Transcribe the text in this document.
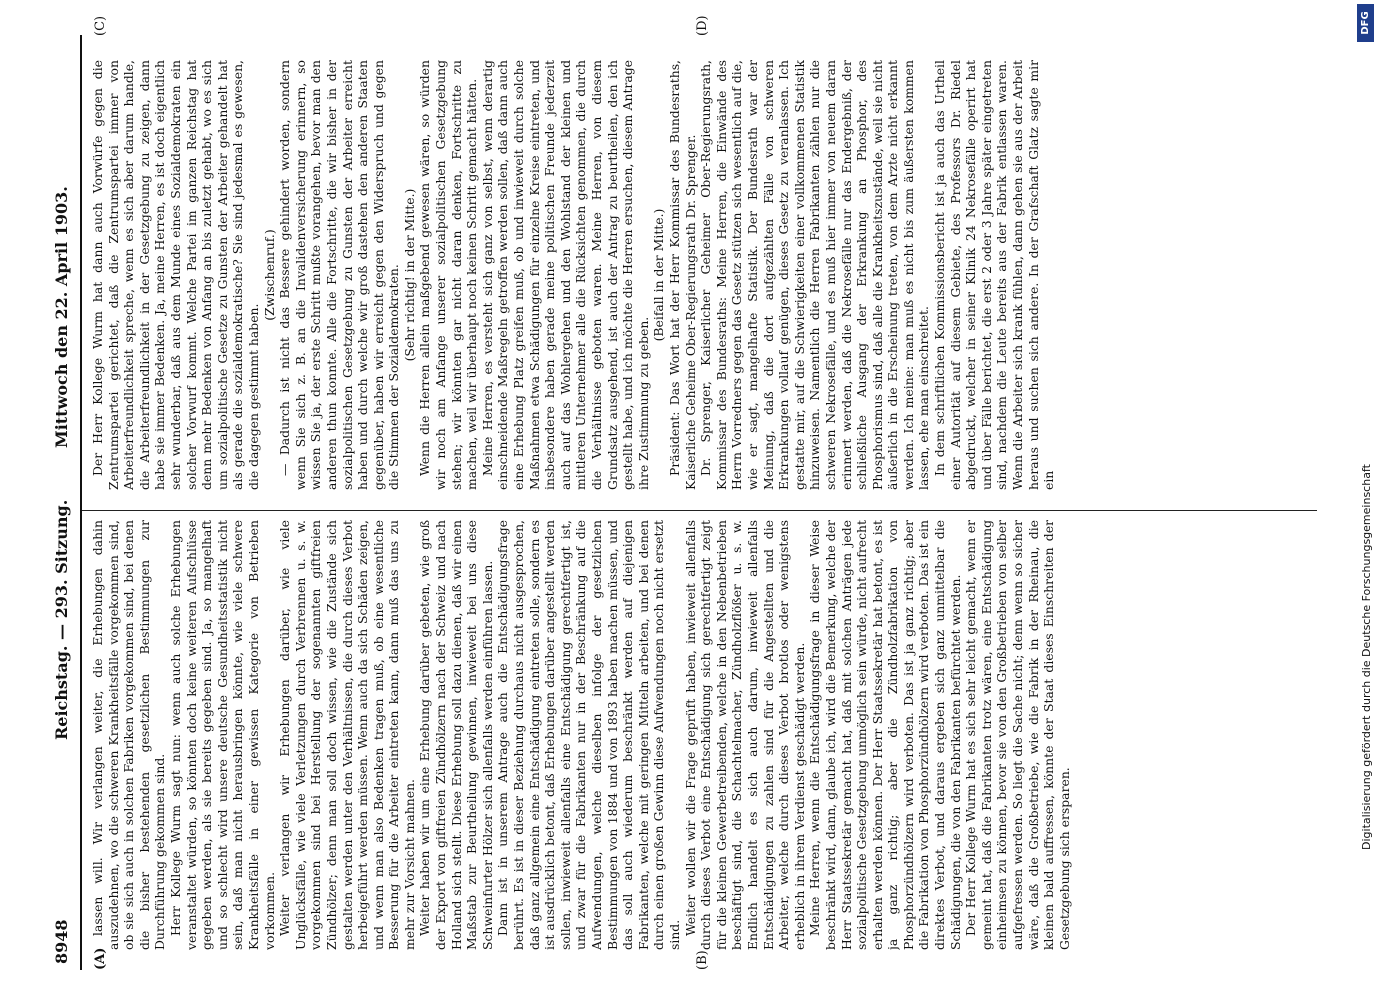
8948
Reichstag. — 293. Sitzung.
Mittwoch den 22. April 1903.
(A)	(B)
(C)	(D)

lassen will. Wir verlangen weiter, die Erhebungen dahin auszudehnen, wo die schweren Krankheitsfälle vorgekommen sind, ob sie sich auch in solchen Fabriken vorgekommen sind, bei denen die bisher bestehenden gesetzlichen Bestimmungen zur Durchführung gekommen sind. Herr Kollege Wurm sagt nun: wenn auch solche Erhebungen veranstaltet würden, so könnten doch keine weiteren Aufschlüsse gegeben werden, als sie bereits gegeben sind. Ja, so mangelhaft und so schlecht wird unsere deutsche Gesundheitsstatistik nicht sein, daß man nicht herausbringen könnte, wie viele schwere Krankheitsfälle in einer gewissen Kategorie von Betrieben vorkommen. Weiter verlangen wir Erhebungen darüber, wie viele Unglücksfälle, wie viele Verletzungen durch Verbrennen u. s. w. vorgekommen sind bei Herstellung der sogenannten giftfreien Zündhölzer; denn man soll doch wissen, wie die Zustände sich gestalten werden unter den Verhältnissen, die durch dieses Verbot herbeigeführt werden müssen. Wenn auch da sich Schäden zeigen, und wenn man also Bedenken tragen muß, ob eine wesentliche Besserung für die Arbeiter eintreten kann, dann muß das uns zu mehr zur Vorsicht mahnen. Weiter haben wir um eine Erhebung darüber gebeten, wie groß der Export von giftfreien Zündhölzern nach der Schweiz und nach Holland sich stellt. Diese Erhebung soll dazu dienen, daß wir einen Maßstab zur Beurtheilung gewinnen, inwieweit bei uns diese Schweinfurter Hölzer sich allenfalls werden einführen lassen. Dann ist in unserem Antrage auch die Entschädigungsfrage berührt. Es ist in dieser Beziehung durchaus nicht ausgesprochen, daß ganz allgemein eine Entschädigung eintreten solle, sondern es ist ausdrücklich betont, daß Erhebungen darüber angestellt werden sollen, inwieweit allenfalls eine Entschädigung gerechtfertigt ist, und zwar für die Fabrikanten nur in der Beschränkung auf die Aufwendungen, welche dieselben infolge der gesetzlichen Bestimmungen von 1884 und von 1893 haben machen müssen, und das soll auch wiederum beschränkt werden auf diejenigen Fabrikanten, welche mit geringen Mitteln arbeiten, und bei denen durch einen großen Gewinn diese Aufwendungen noch nicht ersetzt sind. Weiter wollen wir die Frage geprüft haben, inwieweit allenfalls durch dieses Verbot eine Entschädigung sich gerechtfertigt zeigt für die kleinen Gewerbetreibenden, welche in den Nebenbetrieben beschäftigt sind, die Schachtelmacher, Zündholzflößer u. s. w. Endlich handelt es sich auch darum, inwieweit allenfalls Entschädigungen zu zahlen sind für die Angestellten und die Arbeiter, welche durch dieses Verbot brotlos oder wenigstens erheblich in ihrem Verdienst geschädigt werden. Meine Herren, wenn die Entschädigungsfrage in dieser Weise beschränkt wird, dann, glaube ich, wird die Bemerkung, welche der Herr Staatssekretär gemacht hat, daß mit solchen Anträgen jede sozialpolitische Gesetzgebung unmöglich sein würde, nicht aufrecht erhalten werden können. Der Herr Staatssekretär hat betont, es ist ja ganz richtig; aber die Zündholzfabrikation von Phosphorzündhölzern wird verboten. Das ist ja ganz richtig; aber die Fabrikation von Phosphorzündhölzern wird verboten. Das ist ein direktes Verbot, und daraus ergeben sich ganz unmittelbar die Schädigungen, die von den Fabrikanten befürchtet werden. Der Herr Kollege Wurm hat es sich sehr leicht gemacht, wenn er gemeint hat, daß die Fabrikanten trotz wären, eine Entschädigung einheimsen zu können, bevor sie von den Großbetrieben von selber aufgefressen werden. So liegt die Sache nicht; denn wenn so sicher wäre, daß die Großbetriebe, wie die Fabrik in der Rheinau, die kleinen bald auffressen, könnte der Staat dieses Einschreiten der Gesetzgebung sich ersparen.

Der Herr Kollege Wurm hat dann auch Vorwürfe gegen die Zentrumspartei gerichtet, daß die Zentrumspartei immer von Arbeiterfreundlichkeit spreche, wenn es sich aber darum handle, die Arbeiterfreundlichkeit in der Gesetzgebung zu zeigen, dann habe sie immer Bedenken. Ja, meine Herren, es ist doch eigentlich sehr wunderbar, daß aus dem Munde eines Sozialdemokraten ein solcher Vorwurf kommt. Welche Partei im ganzen Reichstag hat denn mehr Bedenken von Anfang an bis zuletzt gehabt, wo es sich um sozialpolitische Gesetze zu Gunsten der Arbeiter gehandelt hat als gerade die sozialdemokratische? Sie sind jedesmal es gewesen, die dagegen gestimmt haben.

(Zwischenruf.) — Dadurch ist nicht das Bessere gehindert worden, sondern wenn Sie sich z. B. an die Invalidenversicherung erinnern, so wissen Sie ja, der erste Schritt mußte vorangehen, bevor man den anderen thun konnte. Alle die Fortschritte, die wir bisher in der sozialpolitischen Gesetzgebung zu Gunsten der Arbeiter erreicht haben und durch welche wir groß dastehen den anderen Staaten gegenüber, haben wir erreicht gegen den Widerspruch und gegen die Stimmen der Sozialdemokraten. (Sehr richtig! in der Mitte.) Wenn die Herren allein maßgebend gewesen wären, so würden wir noch am Anfange unserer sozialpolitischen Gesetzgebung stehen; wir könnten gar nicht daran denken, Fortschritte zu machen, weil wir überhaupt noch keinen Schritt gemacht hätten. Meine Herren, es versteht sich ganz von selbst, wenn derartig einschneidende Maßregeln getroffen werden sollen, daß dann auch eine Erhebung Platz greifen muß, ob und inwieweit durch solche Maßnahmen etwa Schädigungen für einzelne Kreise eintreten, und insbesondere haben gerade meine politischen Freunde jederzeit auch auf das Wohlergehen und den Wohlstand der kleinen und mittleren Unternehmer alle die Rücksichten genommen, die durch die Verhältnisse geboten waren. Meine Herren, von diesem Grundsatz ausgehend, ist auch der Antrag zu beurtheilen, den ich gestellt habe, und ich möchte die Herren ersuchen, diesem Antrage ihre Zustimmung zu geben.

(Beifall in der Mitte.) Präsident: Das Wort hat der Herr Kommissar des Bundesraths, Kaiserliche Geheime Ober-Regierungsrath Dr. Sprenger. Dr. Sprenger, Kaiserlicher Geheimer Ober-Regierungsrath, Kommissar des Bundesraths: Meine Herren, die Einwände des Herrn Vorredners gegen das Gesetz stützen sich wesentlich auf die, wie er sagt, mangelhafte Statistik. Der Bundesrath war der Meinung, daß die dort aufgezählten Fälle von schweren Erkrankungen vollauf genügen, dieses Gesetz zu veranlassen. Ich gestatte mir, auf die Schwierigkeiten einer vollkommenen Statistik hinzuweisen. Namentlich die Herren Fabrikanten zählen nur die schweren Nekrosefälle, und es muß hier immer von neuem daran erinnert werden, daß die Nekrosefälle nur das Endergebniß, der schließliche Ausgang der Erkrankung an Phosphor, des Phosphorismus sind, daß alle die Krankheitszustände, weil sie nicht äußerlich in die Erscheinung treten, von dem Arzte nicht erkannt werden. Ich meine: man muß es nicht bis zum äußersten kommen lassen, ehe man einschreitet. In dem schriftlichen Kommissionsbericht ist ja auch das Urtheil einer Autorität auf diesem Gebiete, des Professors Dr. Riedel abgedruckt, welcher in seiner Klinik 24 Nekrosefälle operirt hat und über Fälle berichtet, die erst 2 oder 3 Jahre später eingetreten sind, nachdem die Leute bereits aus der Fabrik entlassen waren. Wenn die Arbeiter sich krank fühlen, dann gehen sie aus der Arbeit heraus und suchen sich andere. In der Grafschaft Glatz sagte mir ein	Digitalisierung gefördert durch die Deutsche Forschungsgemeinschaft
DFG
